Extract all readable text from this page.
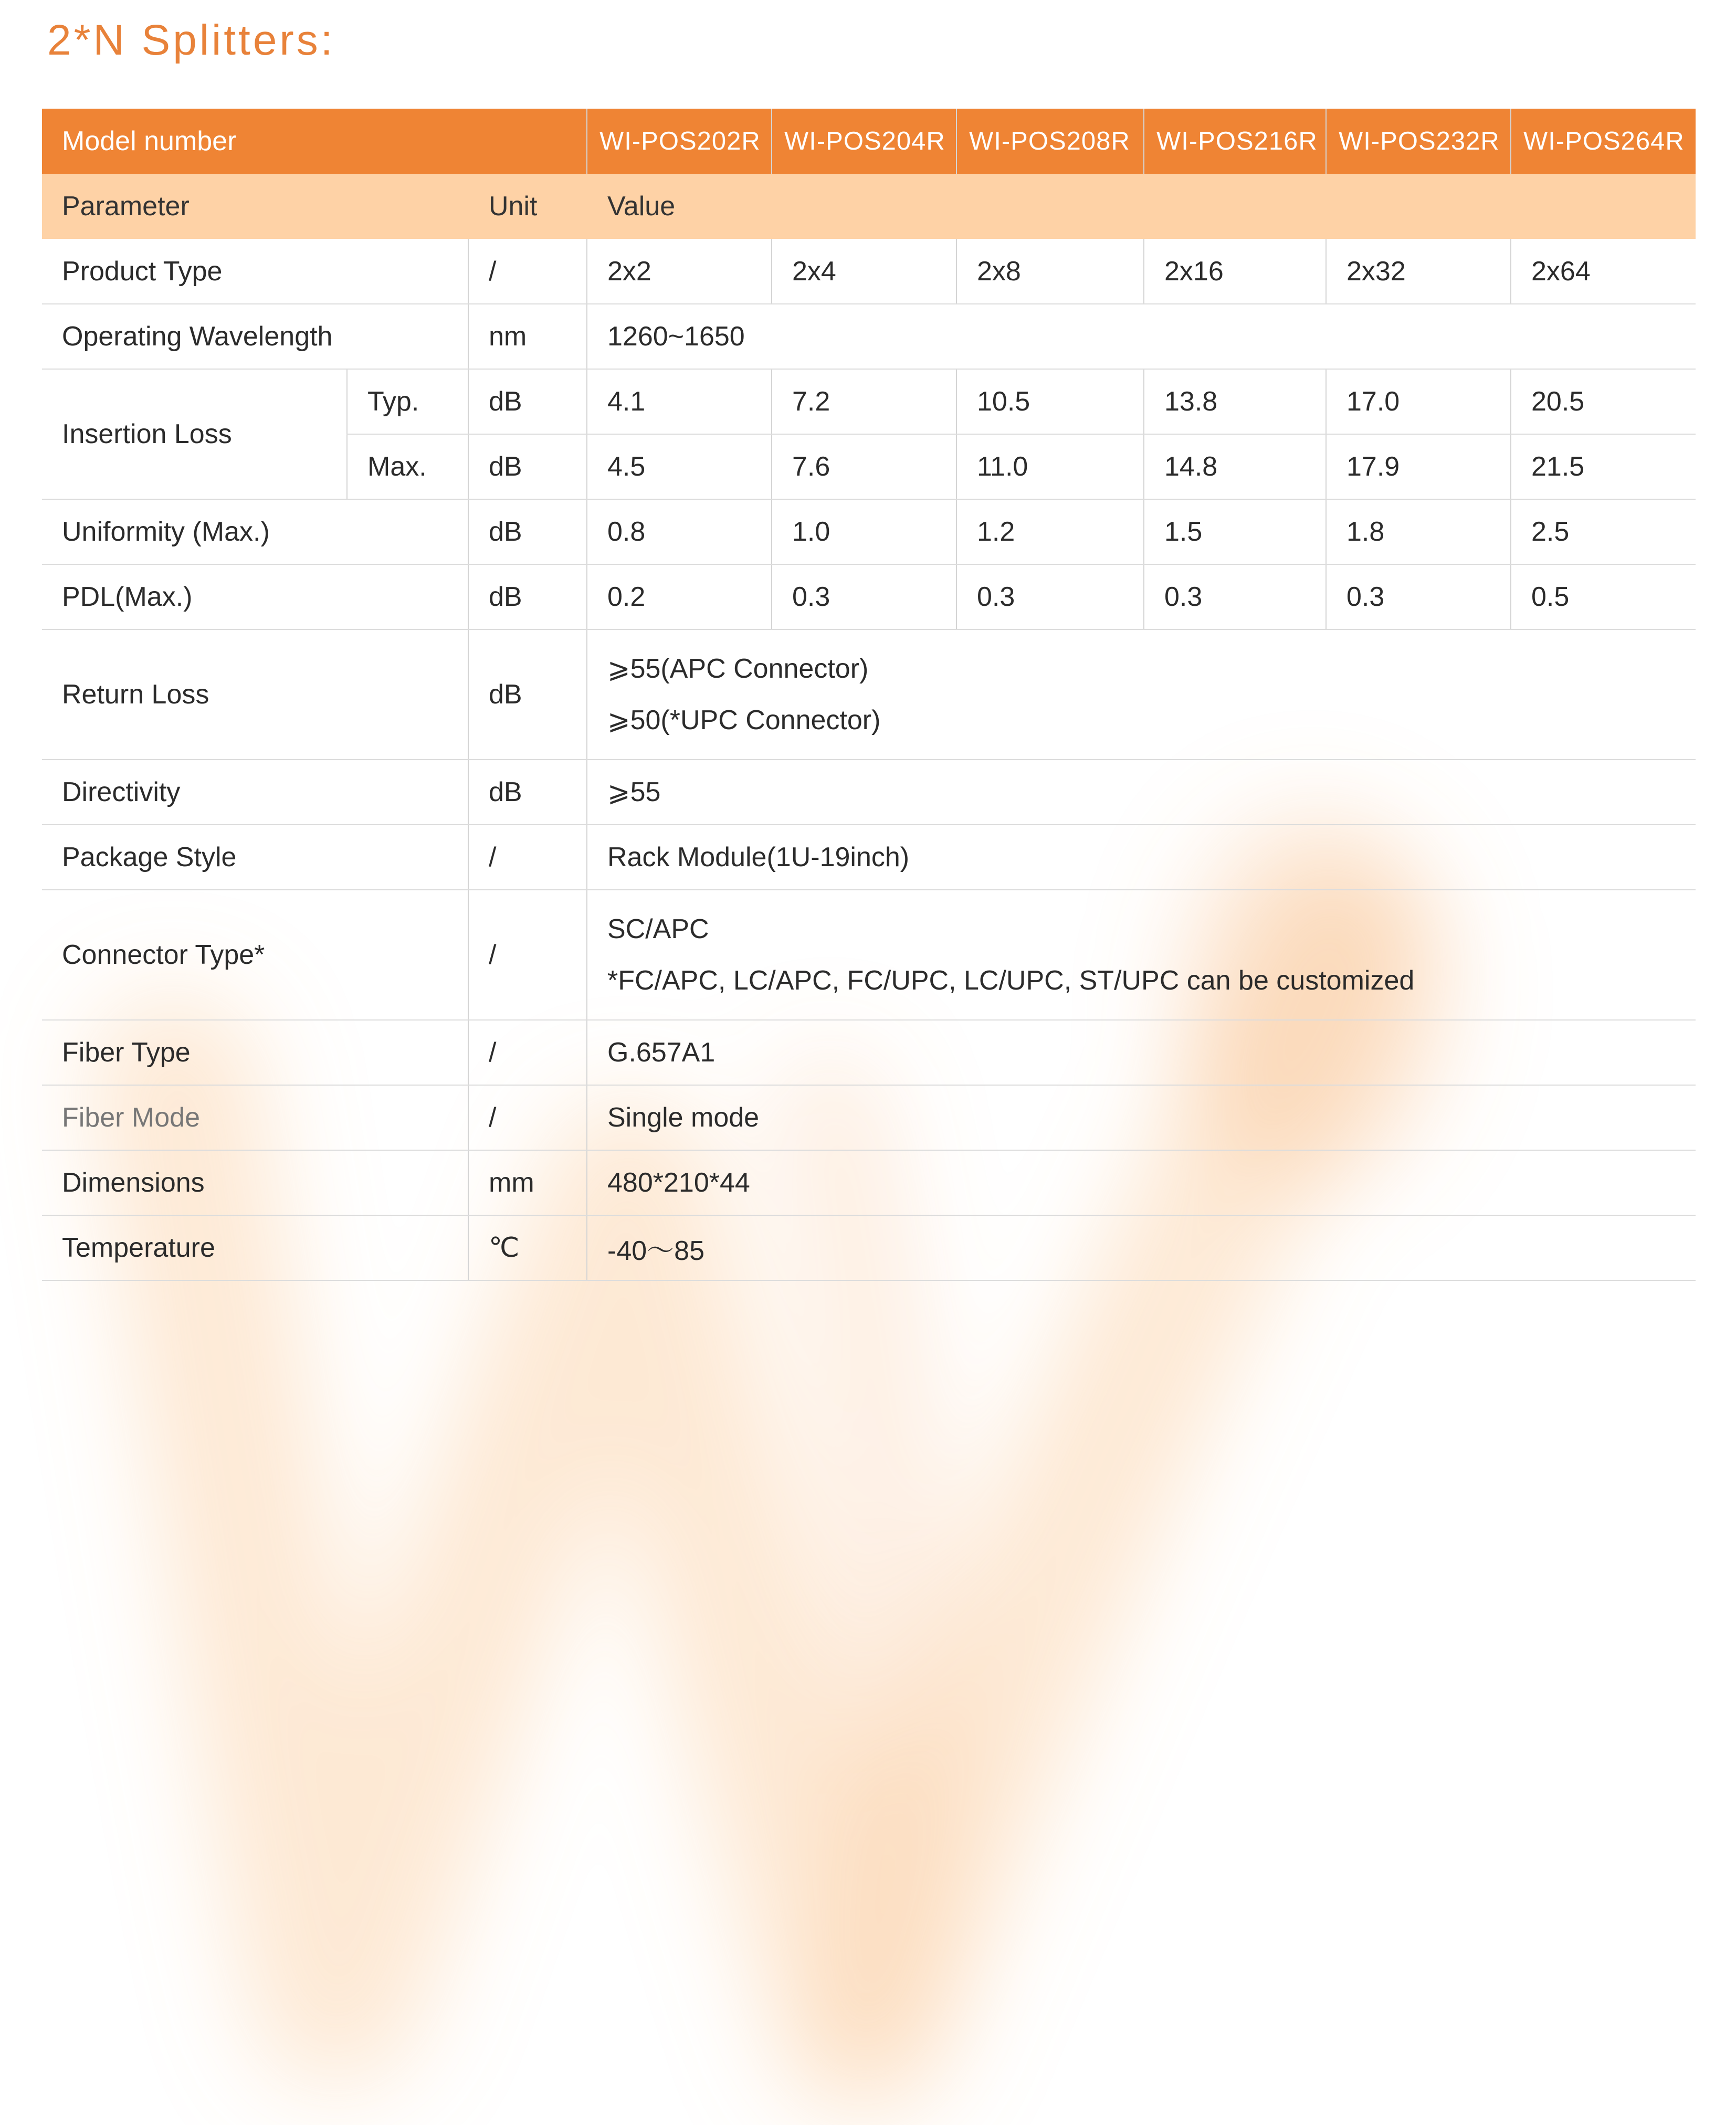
2*N Splitters:
Model number			WI-POS202R	WI-POS204R	WI-POS208R	WI-POS216R	WI-POS232R	WI-POS264R
Parameter		Unit	Value					
Product Type		/	2x2	2x4	2x8	2x16	2x32	2x64
Operating Wavelength		nm	1260~1650					
Insertion Loss	Typ.	dB	4.1	7.2	10.5	13.8	17.0	20.5
	Max.	dB	4.5	7.6	11.0	14.8	17.9	21.5
Uniformity (Max.)		dB	0.8	1.0	1.2	1.5	1.8	2.5
PDL(Max.)		dB	0.2	0.3	0.3	0.3	0.3	0.5
Return Loss		dB	⩾55(APC Connector)
⩾50(*UPC Connector)					

Directivity		dB	⩾55					
Package Style		/	Rack Module(1U-19inch)					
Connector Type*		/	SC/APC
*FC/APC, LC/APC, FC/UPC, LC/UPC, ST/UPC can be customized					

Fiber Type		/	G.657A1					
Fiber Mode		/	Single mode					
Dimensions		mm	480*210*44					
Temperature		℃	-40～85					
